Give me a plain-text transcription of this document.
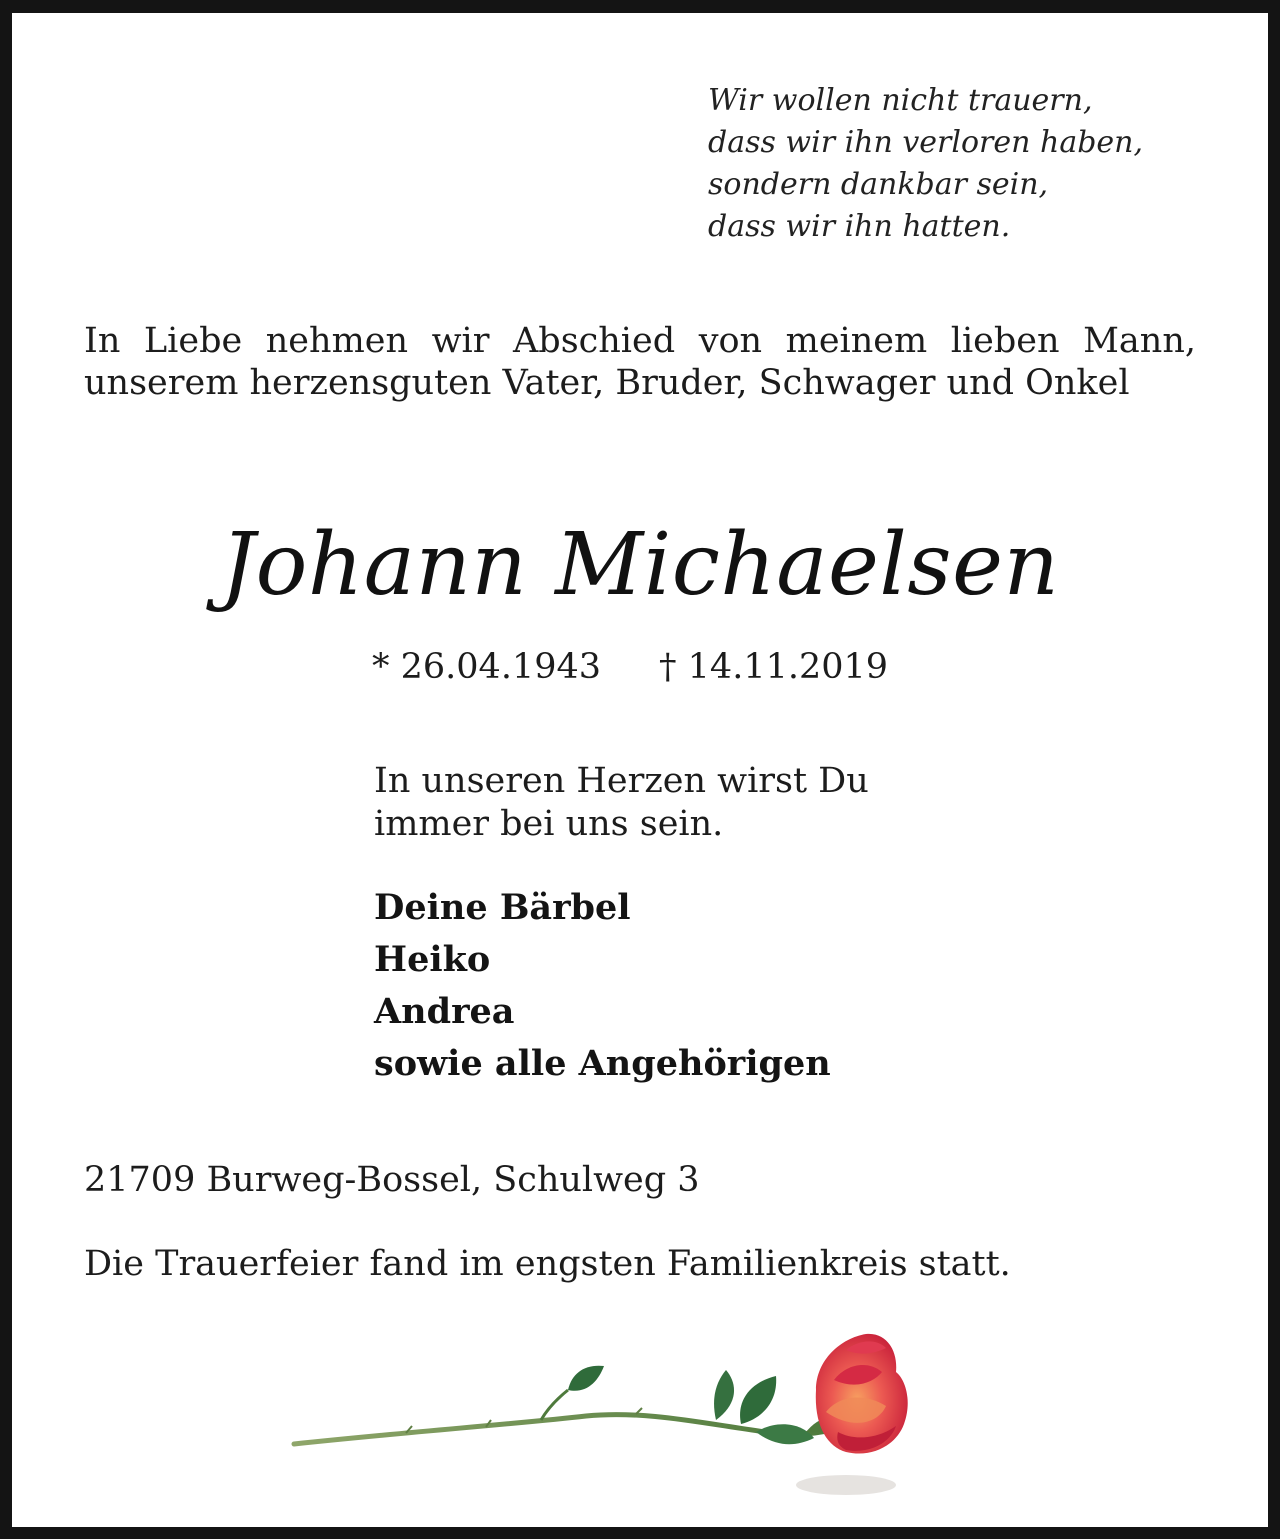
Wir wollen nicht trauern,
dass wir ihn verloren haben,
sondern dankbar sein,
dass wir ihn hatten.
In Liebe nehmen wir Abschied von meinem lieben Mann, unserem herzensguten Vater, Bruder, Schwager und Onkel
Johann Michaelsen
* 26.04.1943 † 14.11.2019
In unseren Herzen wirst Du
immer bei uns sein.
Deine Bärbel
Heiko
Andrea
sowie alle Angehörigen
21709 Burweg-Bossel, Schulweg 3
Die Trauerfeier fand im engsten Familienkreis statt.
